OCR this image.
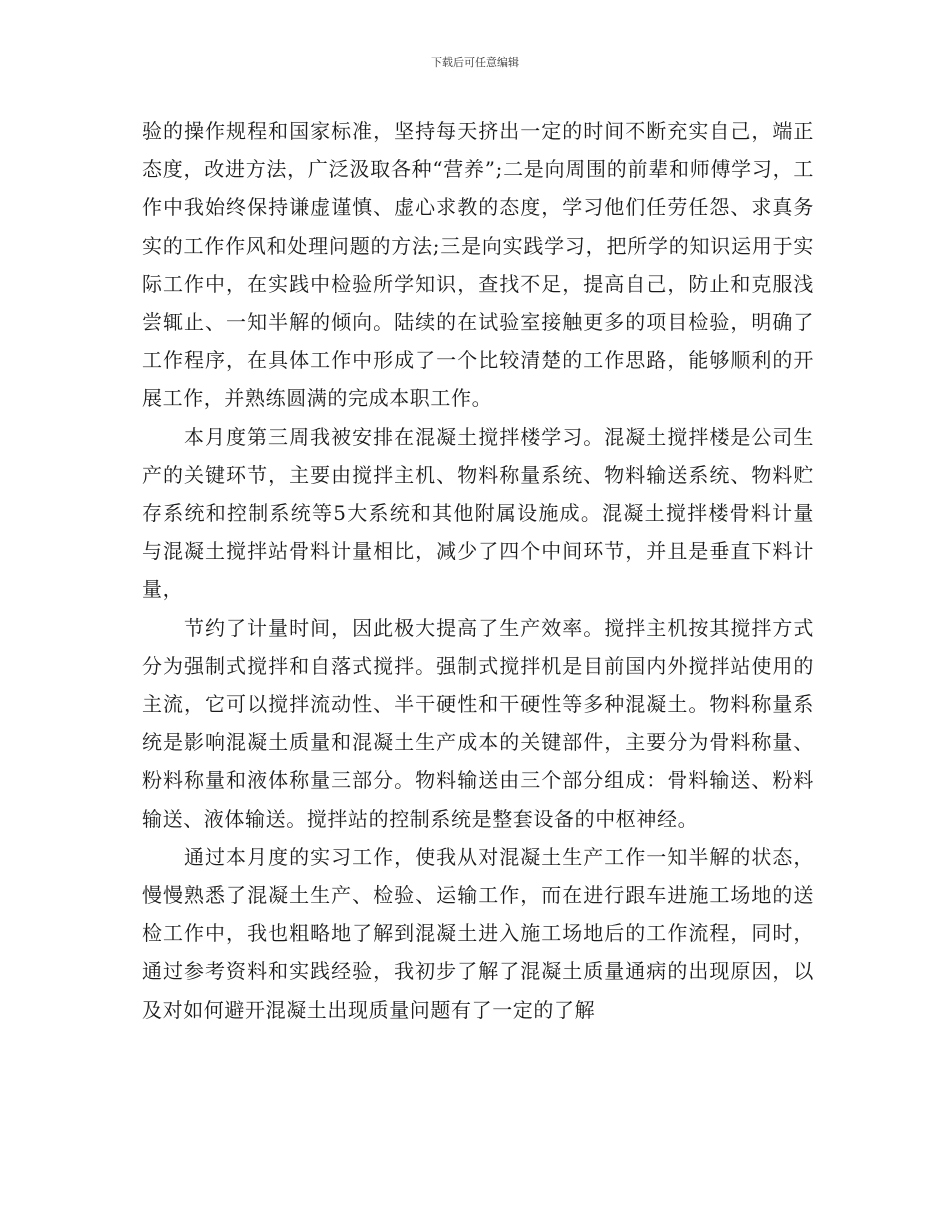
下载后可任意编辑

验的操作规程和国家标准，坚持每天挤出一定的时间不断充实自己，端正态度，改进方法，广泛汲取各种“营养”;二是向周围的前辈和师傅学习，工作中我始终保持谦虚谨慎、虚心求教的态度，学习他们任劳任怨、求真务实的工作作风和处理问题的方法;三是向实践学习，把所学的知识运用于实际工作中，在实践中检验所学知识，查找不足，提高自己，防止和克服浅尝辄止、一知半解的倾向。陆续的在试验室接触更多的项目检验，明确了工作程序，在具体工作中形成了一个比较清楚的工作思路，能够顺利的开展工作，并熟练圆满的完成本职工作。

本月度第三周我被安排在混凝土搅拌楼学习。混凝土搅拌楼是公司生产的关键环节，主要由搅拌主机、物料称量系统、物料输送系统、物料贮存系统和控制系统等5大系统和其他附属设施成。混凝土搅拌楼骨料计量与混凝土搅拌站骨料计量相比，减少了四个中间环节，并且是垂直下料计量，

节约了计量时间，因此极大提高了生产效率。搅拌主机按其搅拌方式分为强制式搅拌和自落式搅拌。强制式搅拌机是目前国内外搅拌站使用的主流，它可以搅拌流动性、半干硬性和干硬性等多种混凝土。物料称量系统是影响混凝土质量和混凝土生产成本的关键部件，主要分为骨料称量、粉料称量和液体称量三部分。物料输送由三个部分组成：骨料输送、粉料输送、液体输送。搅拌站的控制系统是整套设备的中枢神经。

通过本月度的实习工作，使我从对混凝土生产工作一知半解的状态，慢慢熟悉了混凝土生产、检验、运输工作，而在进行跟车进施工场地的送检工作中，我也粗略地了解到混凝土进入施工场地后的工作流程，同时，通过参考资料和实践经验，我初步了解了混凝土质量通病的出现原因，以及对如何避开混凝土出现质量问题有了一定的了解
